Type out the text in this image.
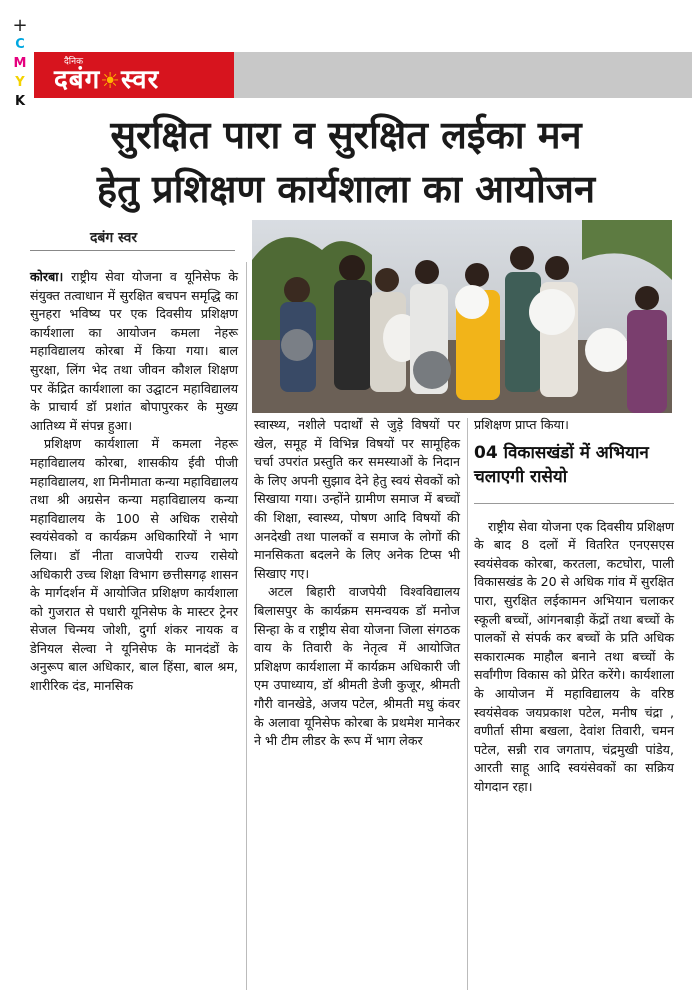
+
C
M
Y
K
दैनिक
दबंग☀स्वर
सुरक्षित पारा व सुरक्षित लईका मन
हेतु प्रशिक्षण कार्यशाला का आयोजन
दबंग स्वर

कोरबा। राष्ट्रीय सेवा योजना व यूनिसेफ के संयुक्त तत्वाधान में सुरक्षित बचपन समृद्धि का सुनहरा भविष्य पर एक दिवसीय प्रशिक्षण कार्यशाला का आयोजन कमला नेहरू महाविद्यालय कोरबा में किया गया। बाल सुरक्षा, लिंग भेद तथा जीवन कौशल शिक्षण पर केंद्रित कार्यशाला का उद्घाटन महाविद्यालय के प्राचार्य डॉ प्रशांत बोपापुरकर के मुख्य आतिथ्य में संपन्न हुआ।

प्रशिक्षण कार्यशाला में कमला नेहरू महाविद्यालय कोरबा, शासकीय ईवी पीजी महाविद्यालय, शा मिनीमाता कन्या महाविद्यालय तथा श्री अग्रसेन कन्या महाविद्यालय कन्या महाविद्यालय के 100 से अधिक रासेयो स्वयंसेवको व कार्यक्रम अधिकारियों ने भाग लिया। डॉ नीता वाजपेयी राज्य रासेयो अधिकारी उच्च शिक्षा विभाग छत्तीसगढ़ शासन के मार्गदर्शन में आयोजित प्रशिक्षण कार्यशाला को गुजरात से पधारी यूनिसेफ के मास्टर ट्रेनर सेजल चिन्मय जोशी, दुर्गा शंकर नायक व डेनियल सेल्वा ने यूनिसेफ के मानदंडों के अनुरूप बाल अधिकार, बाल हिंसा, बाल श्रम, शारीरिक दंड, मानसिक

स्वास्थ्य, नशीले पदार्थों से जुड़े विषयों पर खेल, समूह में विभिन्न विषयों पर सामूहिक चर्चा उपरांत प्रस्तुति कर समस्याओं के निदान के लिए अपनी सुझाव देने हेतु स्वयं सेवकों को सिखाया गया। उन्होंने ग्रामीण समाज में बच्चों की शिक्षा, स्वास्थ्य, पोषण आदि विषयों की अनदेखी तथा पालकों व समाज के लोगों की मानसिकता बदलने के लिए अनेक टिप्स भी सिखाए गए।

अटल बिहारी वाजपेयी विश्वविद्यालय बिलासपुर के कार्यक्रम समन्वयक डॉ मनोज सिन्हा के व राष्ट्रीय सेवा योजना जिला संगठक वाय के तिवारी के नेतृत्व में आयोजित प्रशिक्षण कार्यशाला में कार्यक्रम अधिकारी जी एम उपाध्याय, डॉ श्रीमती डेजी कुजूर, श्रीमती गौरी वानखेडे, अजय पटेल, श्रीमती मधु कंवर के अलावा यूनिसेफ कोरबा के प्रथमेश मानेकर ने भी टीम लीडर के रूप में भाग लेकर

प्रशिक्षण प्राप्त किया।

04 विकासखंडों में अभियान चलाएगी रासेयो

राष्ट्रीय सेवा योजना एक दिवसीय प्रशिक्षण के बाद 8 दलों में वितरित एनएसएस स्वयंसेवक कोरबा, करतला, कटघोरा, पाली विकासखंड के 20 से अधिक गांव में सुरक्षित पारा, सुरक्षित लईकामन अभियान चलाकर स्कूली बच्चों, आंगनबाड़ी केंद्रों तथा बच्चों के पालकों से संपर्क कर बच्चों के प्रति अधिक सकारात्मक माहौल बनाने तथा बच्चों के सर्वांगीण विकास को प्रेरित करेंगे। कार्यशाला के आयोजन में महाविद्यालय के वरिष्ठ स्वयंसेवक जयप्रकाश पटेल, मनीष चंद्रा , वणीर्ता सीमा बखला, देवांश तिवारी, चमन पटेल, सन्नी राव जगताप, चंद्रमुखी पांडेय, आरती साहू आदि स्वयंसेवकों का सक्रिय योगदान रहा।
